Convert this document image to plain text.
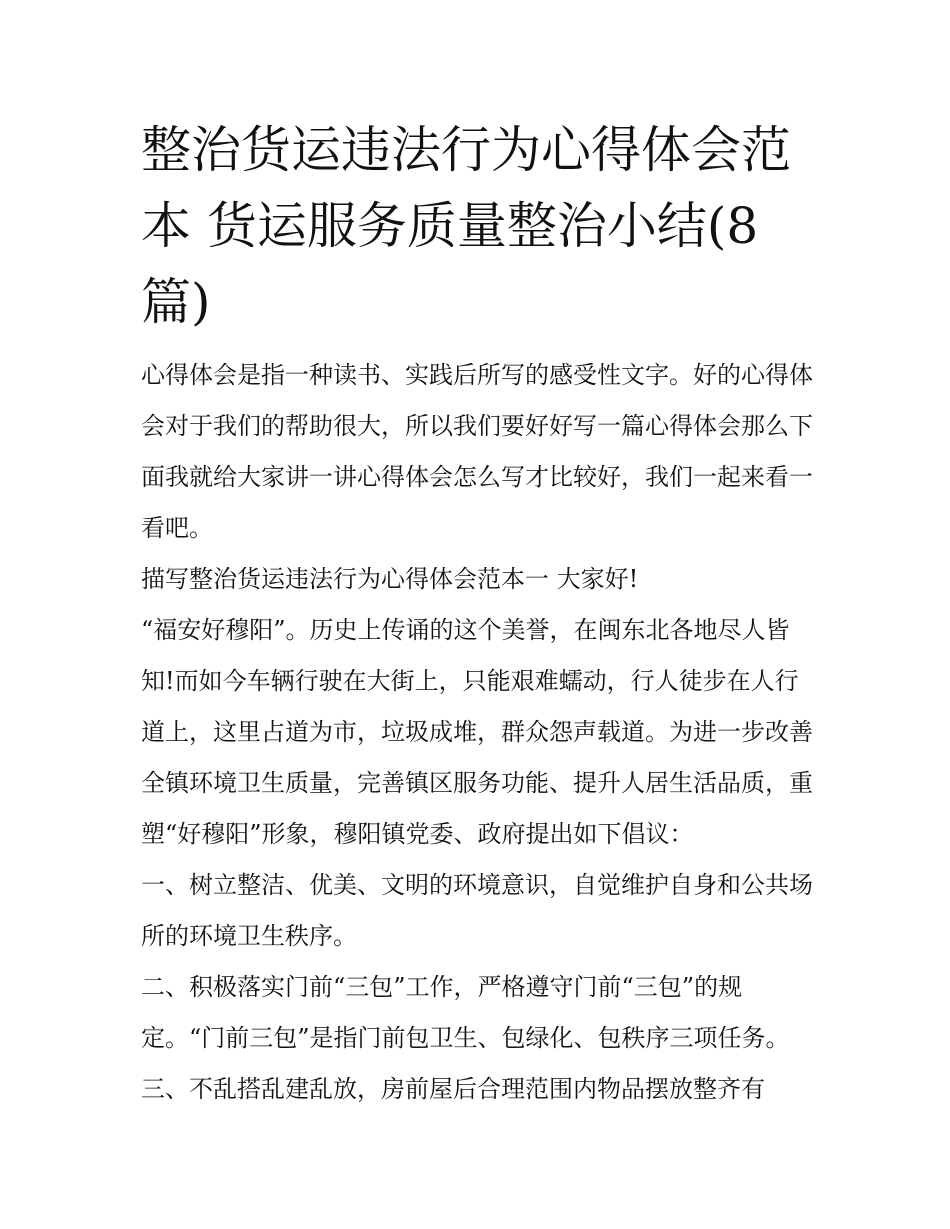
整治货运违法行为心得体会范本 货运服务质量整治小结(8篇)

心得体会是指一种读书、实践后所写的感受性文字。好的心得体会对于我们的帮助很大，所以我们要好好写一篇心得体会那么下面我就给大家讲一讲心得体会怎么写才比较好，我们一起来看一看吧。

描写整治货运违法行为心得体会范本一 大家好!

“福安好穆阳”。历史上传诵的这个美誉，在闽东北各地尽人皆知!而如今车辆行驶在大街上，只能艰难蠕动，行人徒步在人行道上，这里占道为市，垃圾成堆，群众怨声载道。为进一步改善全镇环境卫生质量，完善镇区服务功能、提升人居生活品质，重塑“好穆阳”形象，穆阳镇党委、政府提出如下倡议：

一、树立整洁、优美、文明的环境意识，自觉维护自身和公共场所的环境卫生秩序。

二、积极落实门前“三包”工作，严格遵守门前“三包”的规定。“门前三包”是指门前包卫生、包绿化、包秩序三项任务。

三、不乱搭乱建乱放，房前屋后合理范围内物品摆放整齐有
